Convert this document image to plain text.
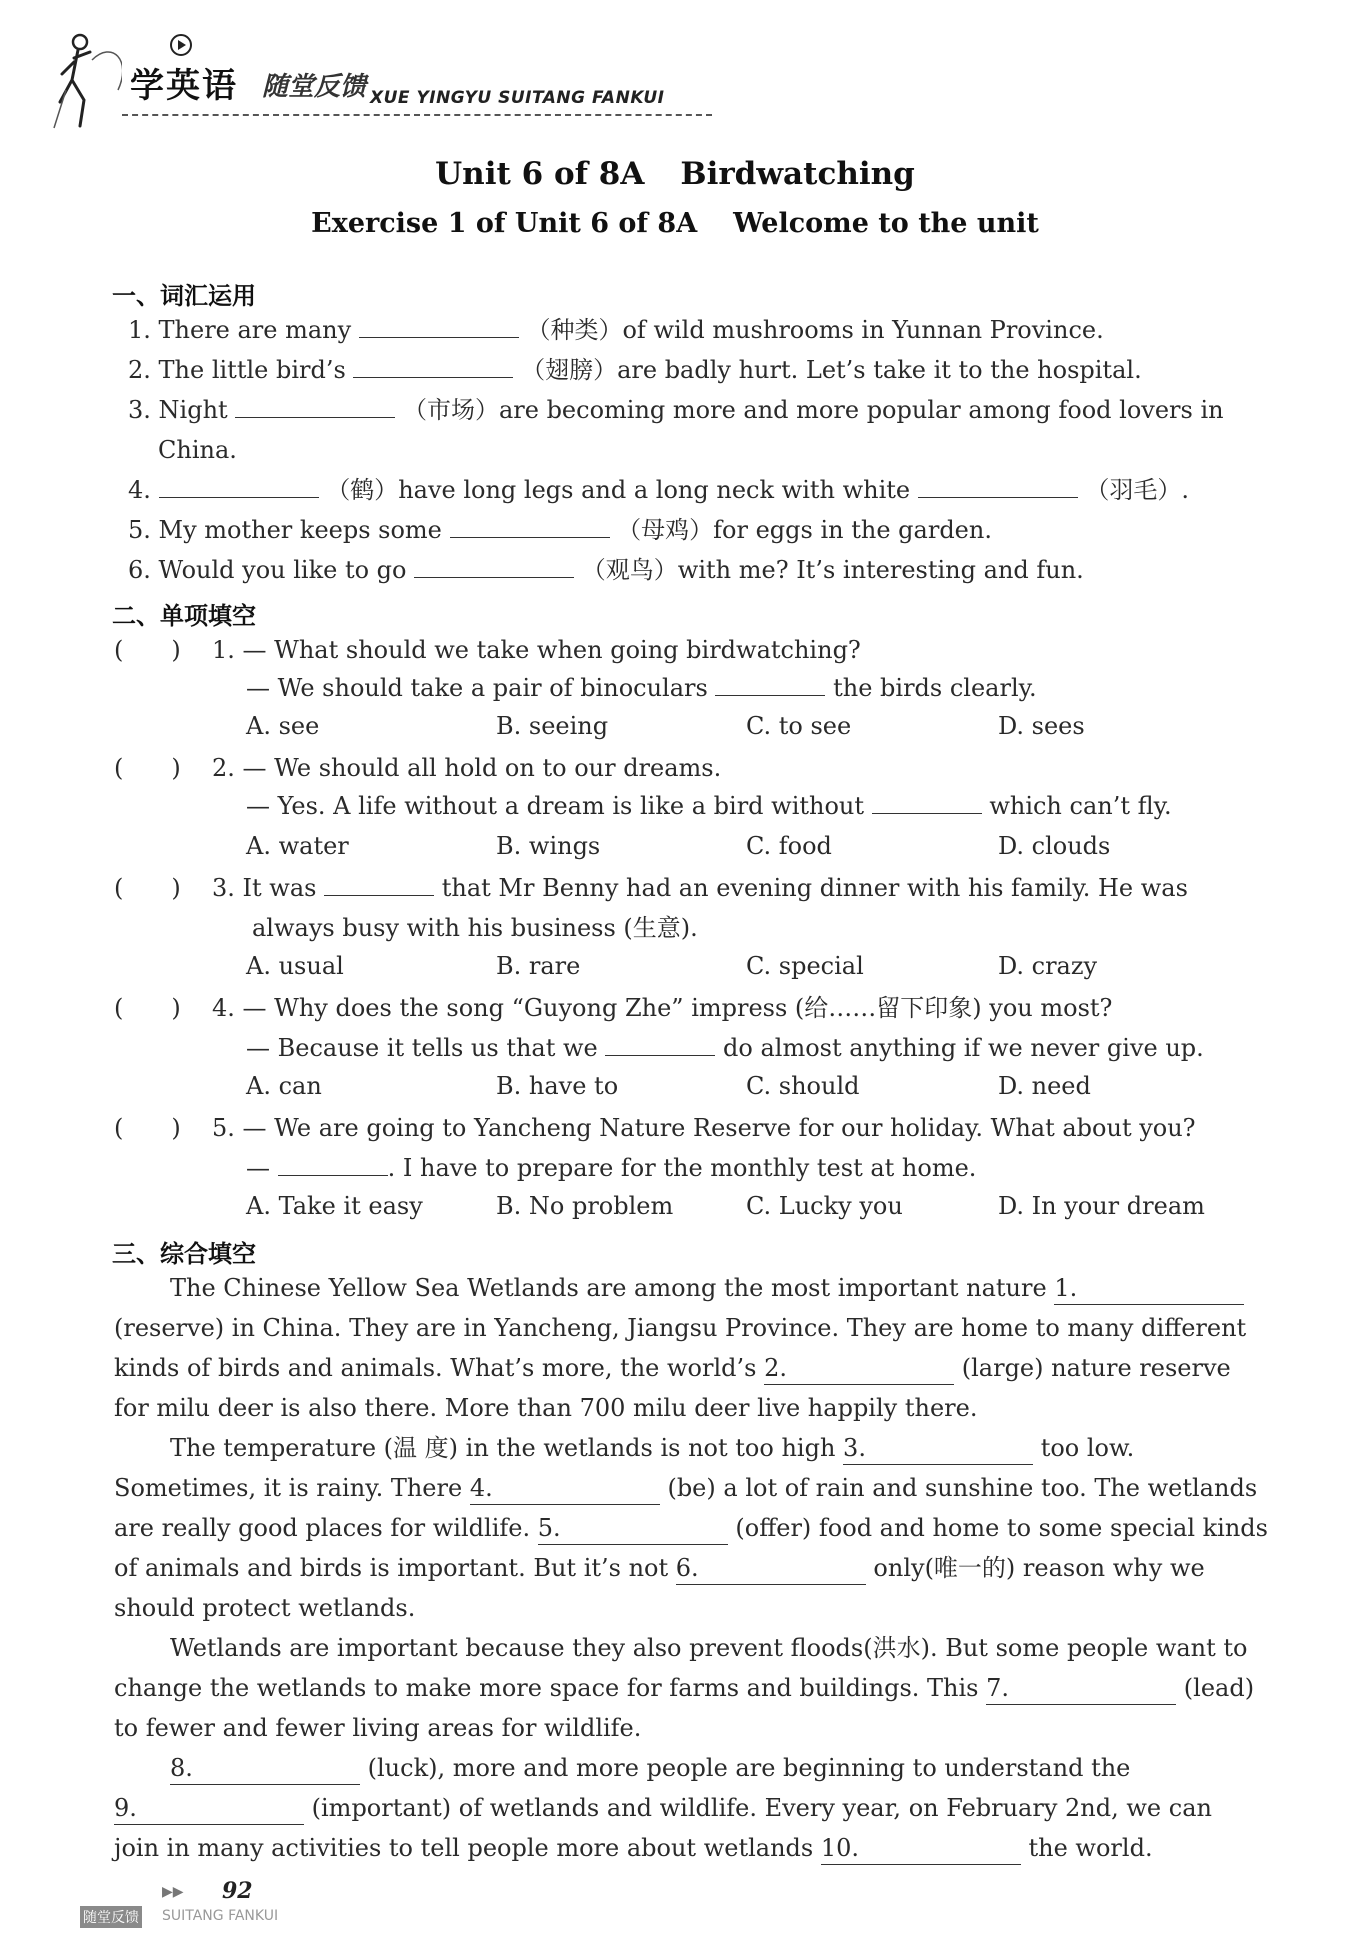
学英语 随堂反馈 XUE YINGYU SUITANG FANKUI
Unit 6 of 8A Birdwatching
Exercise 1 of Unit 6 of 8A Welcome to the unit
一、词汇运用
1. There are many	（种类）of wild mushrooms in Yunnan Province.
2. The little bird’s	（翅膀）are badly hurt. Let’s take it to the hospital.
3. Night	（市场）are becoming more and more popular among food lovers in
China.
4.	（鹤）have long legs and a long neck with white	（羽毛）.
5. My mother keeps some	（母鸡）for eggs in the garden.
6. Would you like to go	（观鸟）with me? It’s interesting and fun.
二、单项填空
(　　) 1. — What should we take when going birdwatching?
— We should take a pair of binoculars	the birds clearly.
A. see	B. seeing	C. to see	D. sees
(　　) 2. — We should all hold on to our dreams.
— Yes. A life without a dream is like a bird without	which can’t fly.
A. water	B. wings	C. food	D. clouds
(　　) 3. It was	that Mr Benny had an evening dinner with his family. He was
always busy with his business (生意).
A. usual	B. rare	C. special	D. crazy
(　　) 4. — Why does the song “Guyong Zhe” impress (给……留下印象) you most?
— Because it tells us that we	do almost anything if we never give up.
A. can	B. have to	C. should	D. need
(　　) 5. — We are going to Yancheng Nature Reserve for our holiday. What about you?
—	. I have to prepare for the monthly test at home.
A. Take it easy	B. No problem	C. Lucky you	D. In your dream
三、综合填空
The Chinese Yellow Sea Wetlands are among the most important nature 1.
(reserve) in China. They are in Yancheng, Jiangsu Province. They are home to many different
kinds of birds and animals. What’s more, the world’s 2.	(large) nature reserve
for milu deer is also there. More than 700 milu deer live happily there.
The temperature (温 度) in the wetlands is not too high 3.	too low.
Sometimes, it is rainy. There 4.	(be) a lot of rain and sunshine too. The wetlands
are really good places for wildlife. 5.	(offer) food and home to some special kinds
of animals and birds is important. But it’s not 6.	only(唯一的) reason why we
should protect wetlands.
Wetlands are important because they also prevent floods(洪水). But some people want to
change the wetlands to make more space for farms and buildings. This 7.	(lead)
to fewer and fewer living areas for wildlife.
8.	(luck), more and more people are beginning to understand the
9.	(important) of wetlands and wildlife. Every year, on February 2nd, we can
join in many activities to tell people more about wetlands 10.	the world.
▶▶ 92
随堂反馈 SUITANG FANKUI
